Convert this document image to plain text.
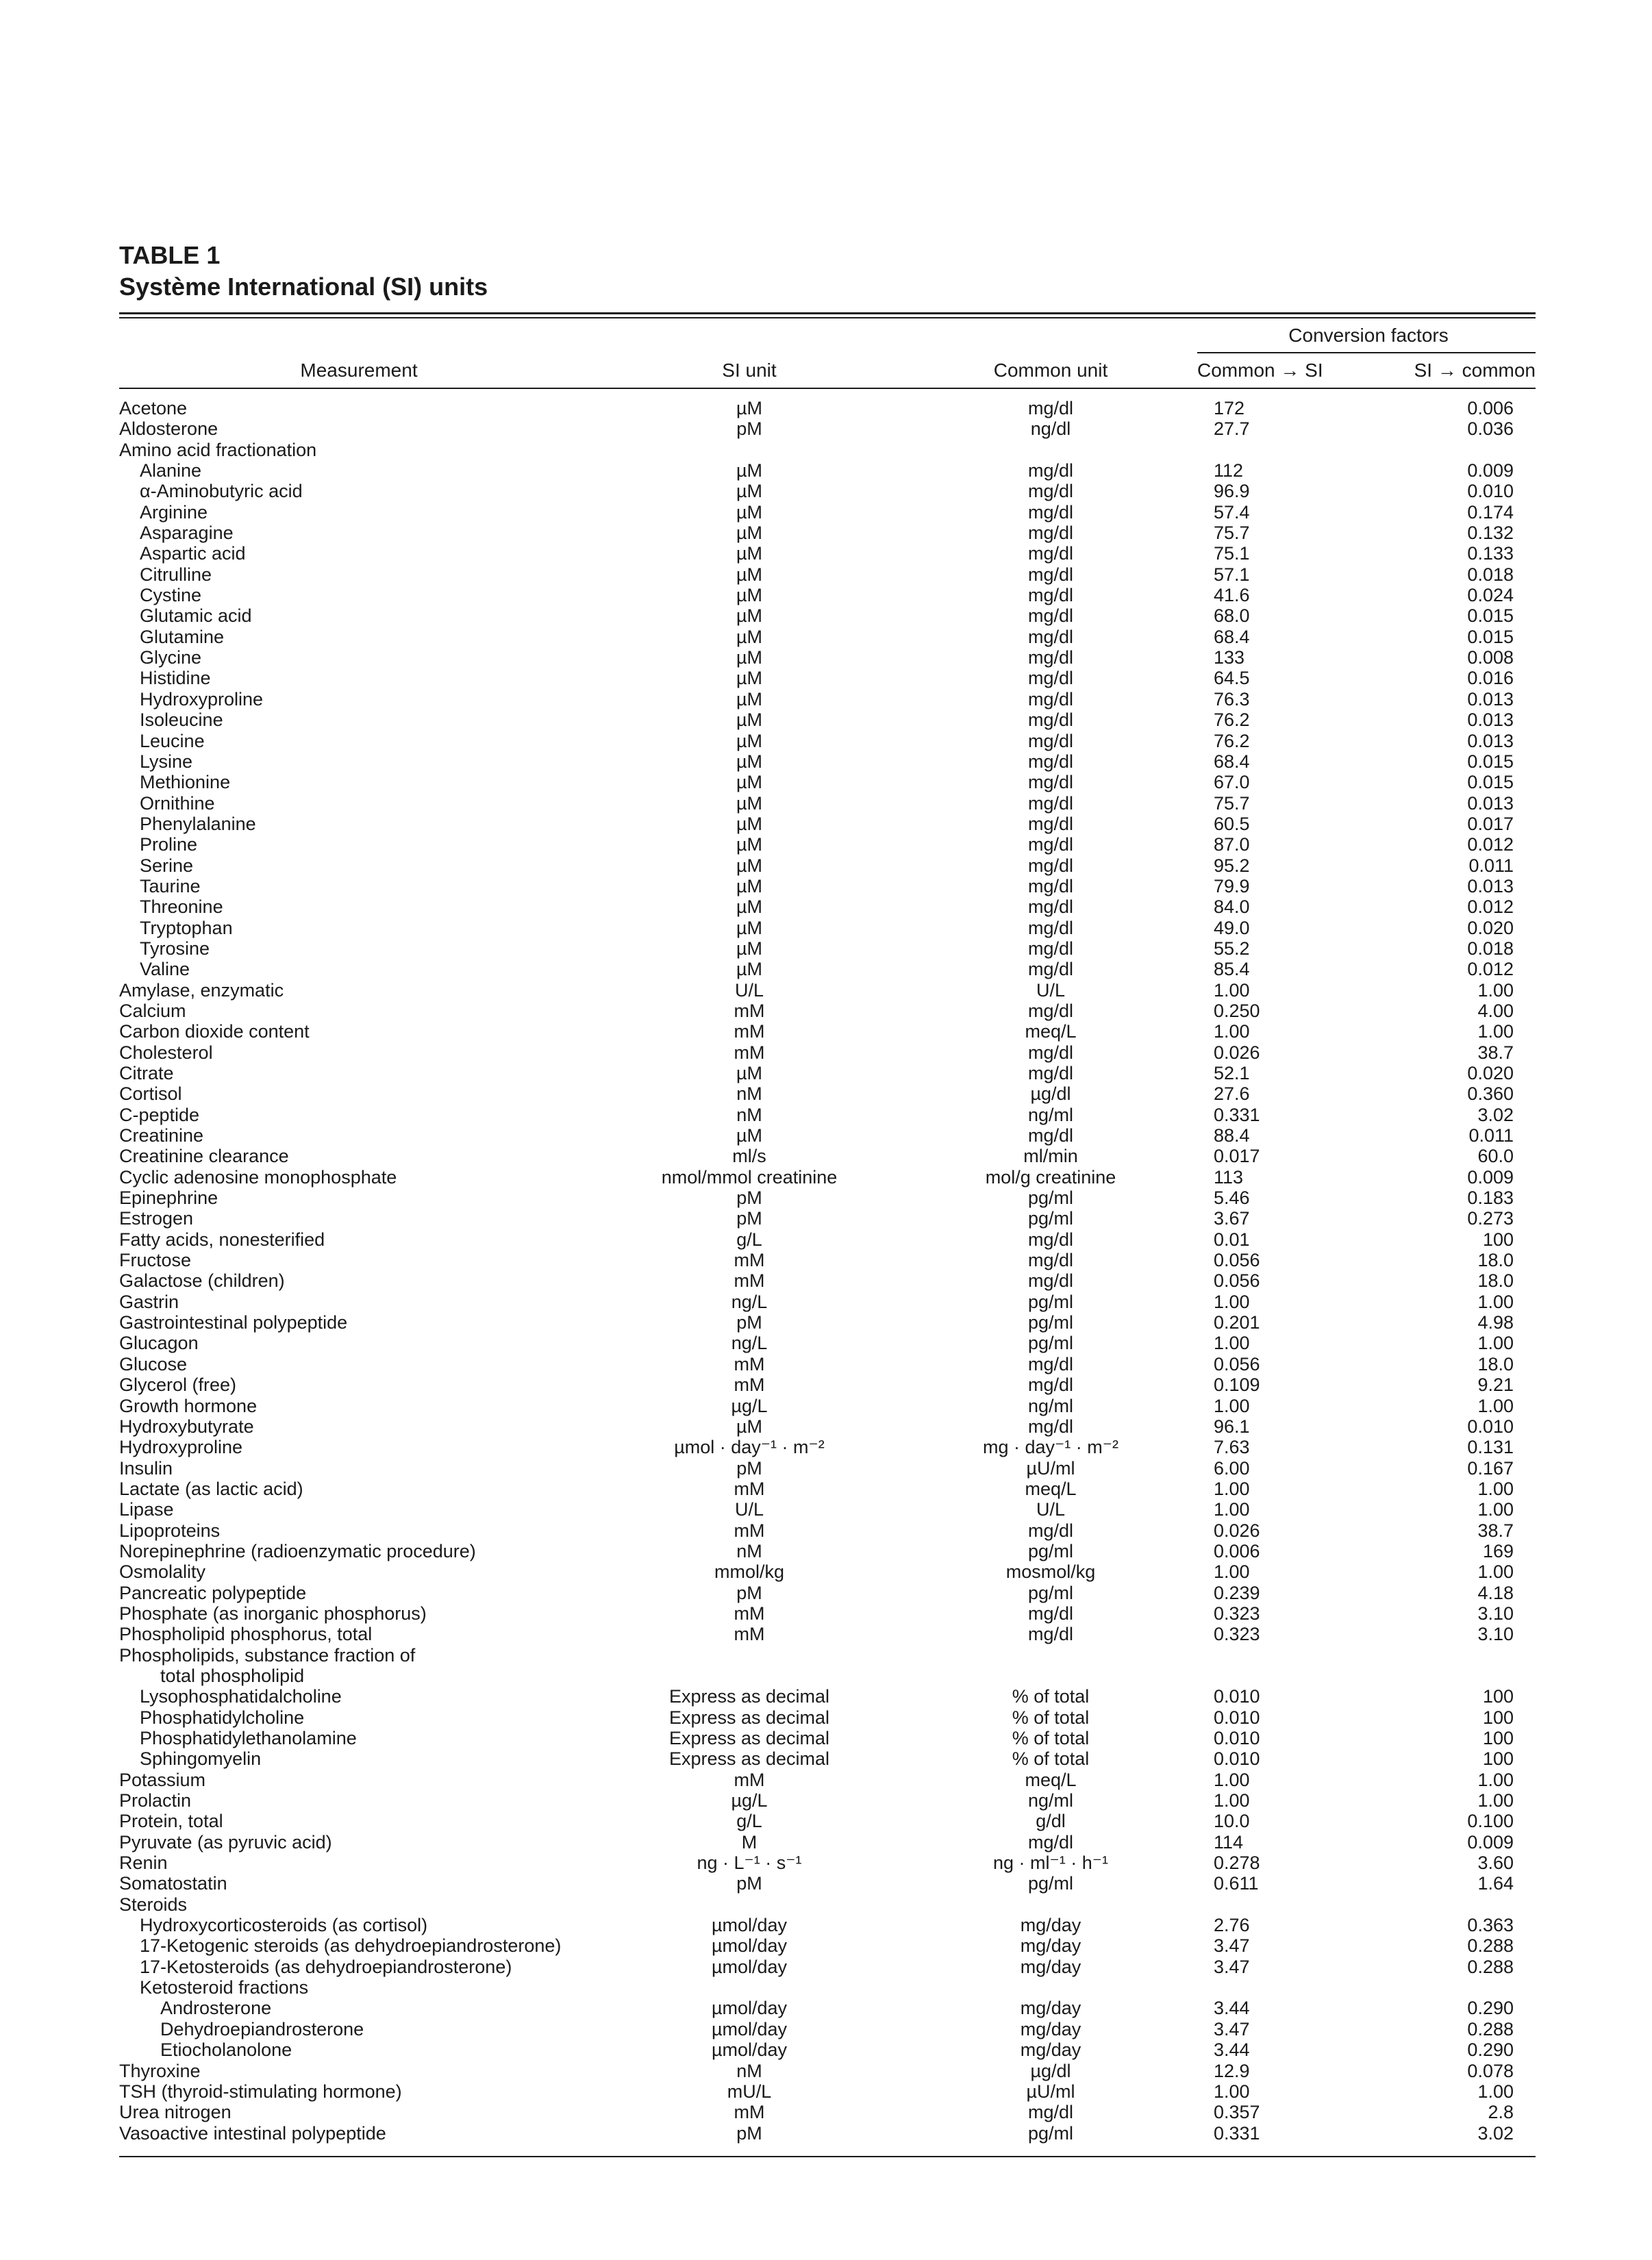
TABLE 1
Système International (SI) units
Conversion factors
Measurement	SI unit	Common unit	Common → SI	SI → common
Acetone	µM	mg/dl	172	0.006
Aldosterone	pM	ng/dl	27.7	0.036
Amino acid fractionation
Alanine	µM	mg/dl	112	0.009
α-Aminobutyric acid	µM	mg/dl	96.9	0.010
Arginine	µM	mg/dl	57.4	0.174
Asparagine	µM	mg/dl	75.7	0.132
Aspartic acid	µM	mg/dl	75.1	0.133
Citrulline	µM	mg/dl	57.1	0.018
Cystine	µM	mg/dl	41.6	0.024
Glutamic acid	µM	mg/dl	68.0	0.015
Glutamine	µM	mg/dl	68.4	0.015
Glycine	µM	mg/dl	133	0.008
Histidine	µM	mg/dl	64.5	0.016
Hydroxyproline	µM	mg/dl	76.3	0.013
Isoleucine	µM	mg/dl	76.2	0.013
Leucine	µM	mg/dl	76.2	0.013
Lysine	µM	mg/dl	68.4	0.015
Methionine	µM	mg/dl	67.0	0.015
Ornithine	µM	mg/dl	75.7	0.013
Phenylalanine	µM	mg/dl	60.5	0.017
Proline	µM	mg/dl	87.0	0.012
Serine	µM	mg/dl	95.2	0.011
Taurine	µM	mg/dl	79.9	0.013
Threonine	µM	mg/dl	84.0	0.012
Tryptophan	µM	mg/dl	49.0	0.020
Tyrosine	µM	mg/dl	55.2	0.018
Valine	µM	mg/dl	85.4	0.012
Amylase, enzymatic	U/L	U/L	1.00	1.00
Calcium	mM	mg/dl	0.250	4.00
Carbon dioxide content	mM	meq/L	1.00	1.00
Cholesterol	mM	mg/dl	0.026	38.7
Citrate	µM	mg/dl	52.1	0.020
Cortisol	nM	µg/dl	27.6	0.360
C-peptide	nM	ng/ml	0.331	3.02
Creatinine	µM	mg/dl	88.4	0.011
Creatinine clearance	ml/s	ml/min	0.017	60.0
Cyclic adenosine monophosphate	nmol/mmol creatinine	mol/g creatinine	113	0.009
Epinephrine	pM	pg/ml	5.46	0.183
Estrogen	pM	pg/ml	3.67	0.273
Fatty acids, nonesterified	g/L	mg/dl	0.01	100
Fructose	mM	mg/dl	0.056	18.0
Galactose (children)	mM	mg/dl	0.056	18.0
Gastrin	ng/L	pg/ml	1.00	1.00
Gastrointestinal polypeptide	pM	pg/ml	0.201	4.98
Glucagon	ng/L	pg/ml	1.00	1.00
Glucose	mM	mg/dl	0.056	18.0
Glycerol (free)	mM	mg/dl	0.109	9.21
Growth hormone	µg/L	ng/ml	1.00	1.00
Hydroxybutyrate	µM	mg/dl	96.1	0.010
Hydroxyproline	µmol · day⁻¹ · m⁻²	mg · day⁻¹ · m⁻²	7.63	0.131
Insulin	pM	µU/ml	6.00	0.167
Lactate (as lactic acid)	mM	meq/L	1.00	1.00
Lipase	U/L	U/L	1.00	1.00
Lipoproteins	mM	mg/dl	0.026	38.7
Norepinephrine (radioenzymatic procedure)	nM	pg/ml	0.006	169
Osmolality	mmol/kg	mosmol/kg	1.00	1.00
Pancreatic polypeptide	pM	pg/ml	0.239	4.18
Phosphate (as inorganic phosphorus)	mM	mg/dl	0.323	3.10
Phospholipid phosphorus, total	mM	mg/dl	0.323	3.10
Phospholipids, substance fraction of
total phospholipid
Lysophosphatidalcholine	Express as decimal	% of total	0.010	100
Phosphatidylcholine	Express as decimal	% of total	0.010	100
Phosphatidylethanolamine	Express as decimal	% of total	0.010	100
Sphingomyelin	Express as decimal	% of total	0.010	100
Potassium	mM	meq/L	1.00	1.00
Prolactin	µg/L	ng/ml	1.00	1.00
Protein, total	g/L	g/dl	10.0	0.100
Pyruvate (as pyruvic acid)	M	mg/dl	114	0.009
Renin	ng · L⁻¹ · s⁻¹	ng · ml⁻¹ · h⁻¹	0.278	3.60
Somatostatin	pM	pg/ml	0.611	1.64
Steroids
Hydroxycorticosteroids (as cortisol)	µmol/day	mg/day	2.76	0.363
17-Ketogenic steroids (as dehydroepiandrosterone)	µmol/day	mg/day	3.47	0.288
17-Ketosteroids (as dehydroepiandrosterone)	µmol/day	mg/day	3.47	0.288
Ketosteroid fractions
Androsterone	µmol/day	mg/day	3.44	0.290
Dehydroepiandrosterone	µmol/day	mg/day	3.47	0.288
Etiocholanolone	µmol/day	mg/day	3.44	0.290
Thyroxine	nM	µg/dl	12.9	0.078
TSH (thyroid-stimulating hormone)	mU/L	µU/ml	1.00	1.00
Urea nitrogen	mM	mg/dl	0.357	2.8
Vasoactive intestinal polypeptide	pM	pg/ml	0.331	3.02
